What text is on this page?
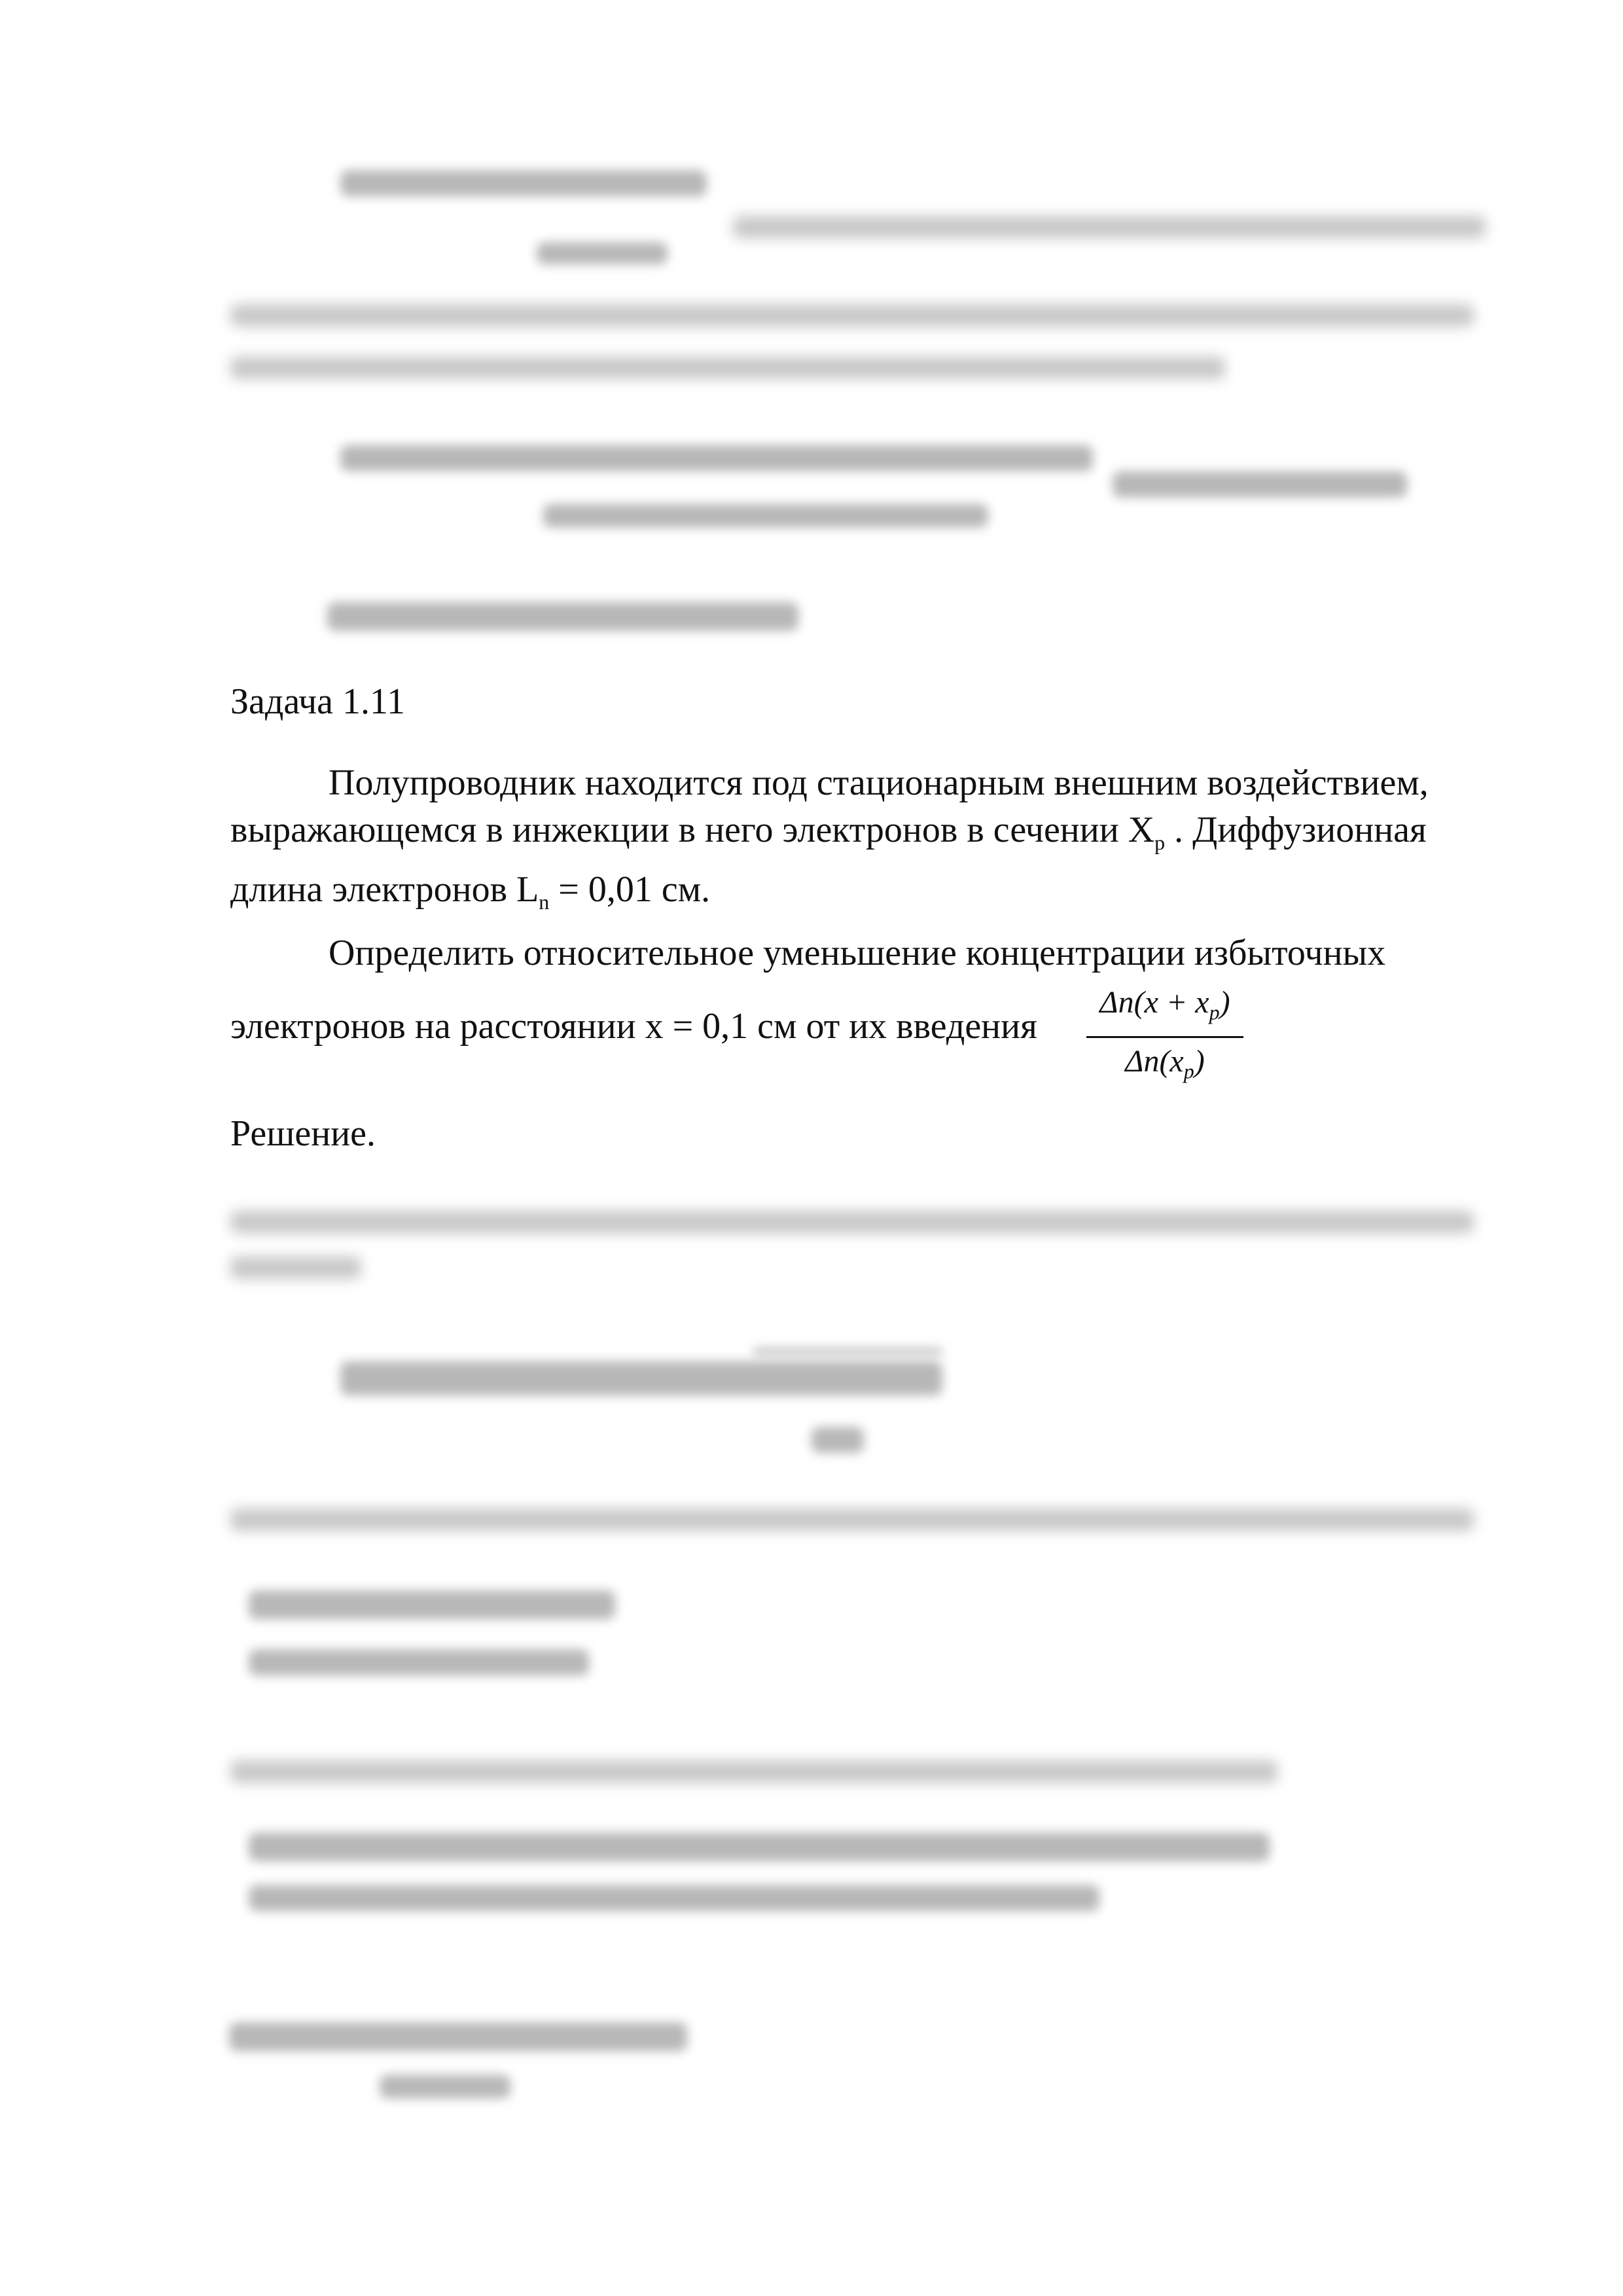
Задача 1.11
Полупроводник находится под стационарным внешним воздействием,
выражающемся в инжекции в него электронов в сечении $X_p$ . Диффузионная
длина электронов $L_n = 0,01$ см.
Определить относительное уменьшение концентрации избыточных
электронов на расстоянии х = 0,1 см от их введения
$\Delta n(x + x_p)$
$\Delta n(x_p)$
Решение.
